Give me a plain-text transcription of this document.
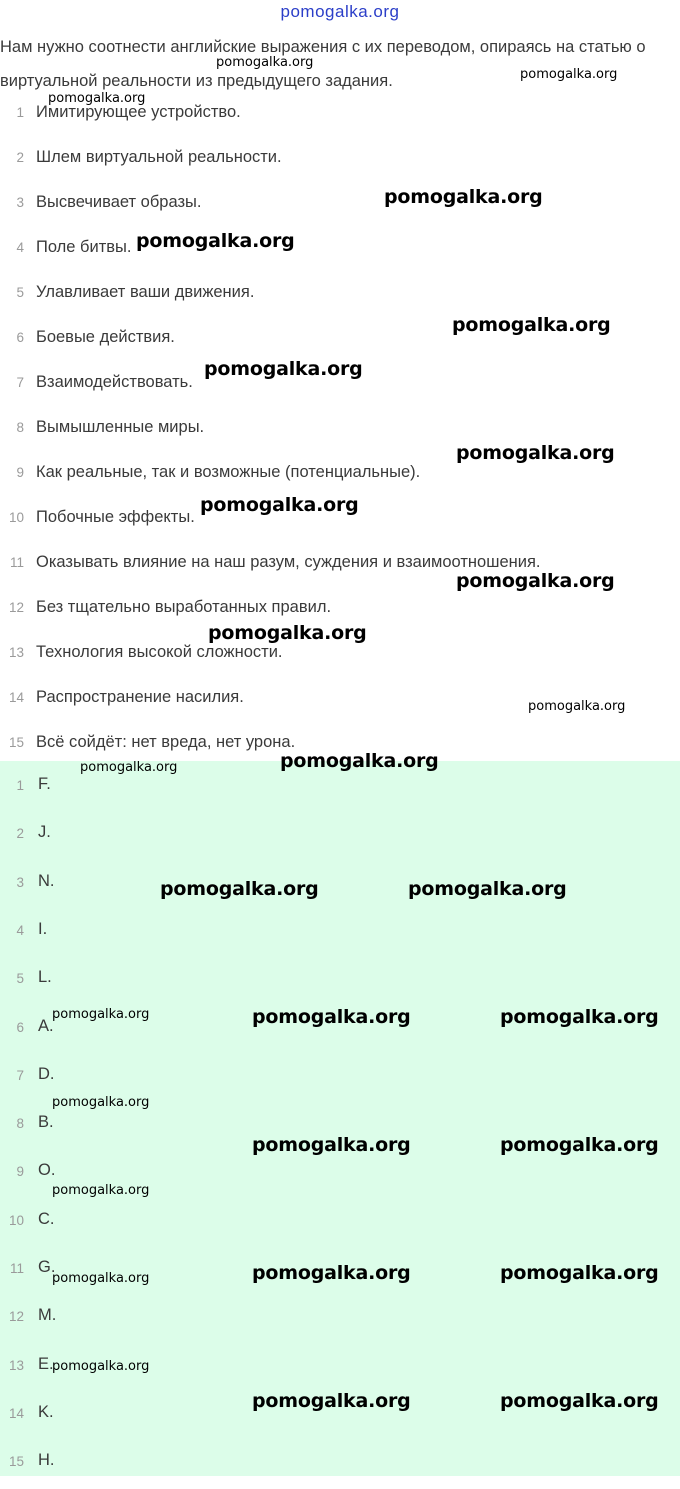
pomogalka.org

Нам нужно соотнести английские выражения с их переводом, опираясь на статью о виртуальной реальности из предыдущего задания.

1 Имитирующее устройство.
2 Шлем виртуальной реальности.
3 Высвечивает образы.
4 Поле битвы.
5 Улавливает ваши движения.
6 Боевые действия.
7 Взаимодействовать.
8 Вымышленные миры.
9 Как реальные, так и возможные (потенциальные).
10 Побочные эффекты.
11 Оказывать влияние на наш разум, суждения и взаимоотношения.
12 Без тщательно выработанных правил.
13 Технология высокой сложности.
14 Распространение насилия.
15 Всё сойдёт: нет вреда, нет урона.
1 F.
2 J.
3 N.
4 I.
5 L.
6 A.
7 D.
8 B.
9 O.
10 C.
11 G.
12 M.
13 E.
14 K.
15 H.
pomogalka.org
pomogalka.org
pomogalka.org
pomogalka.org
pomogalka.org
pomogalka.org
pomogalka.org
pomogalka.org
pomogalka.org
pomogalka.org
pomogalka.org
pomogalka.org
pomogalka.org	pomogalka.org
pomogalka.org	pomogalka.org
pomogalka.org	pomogalka.org	pomogalka.org
pomogalka.org
pomogalka.org	pomogalka.org
pomogalka.org
pomogalka.org	pomogalka.org	pomogalka.org
pomogalka.org
pomogalka.org	pomogalka.org
